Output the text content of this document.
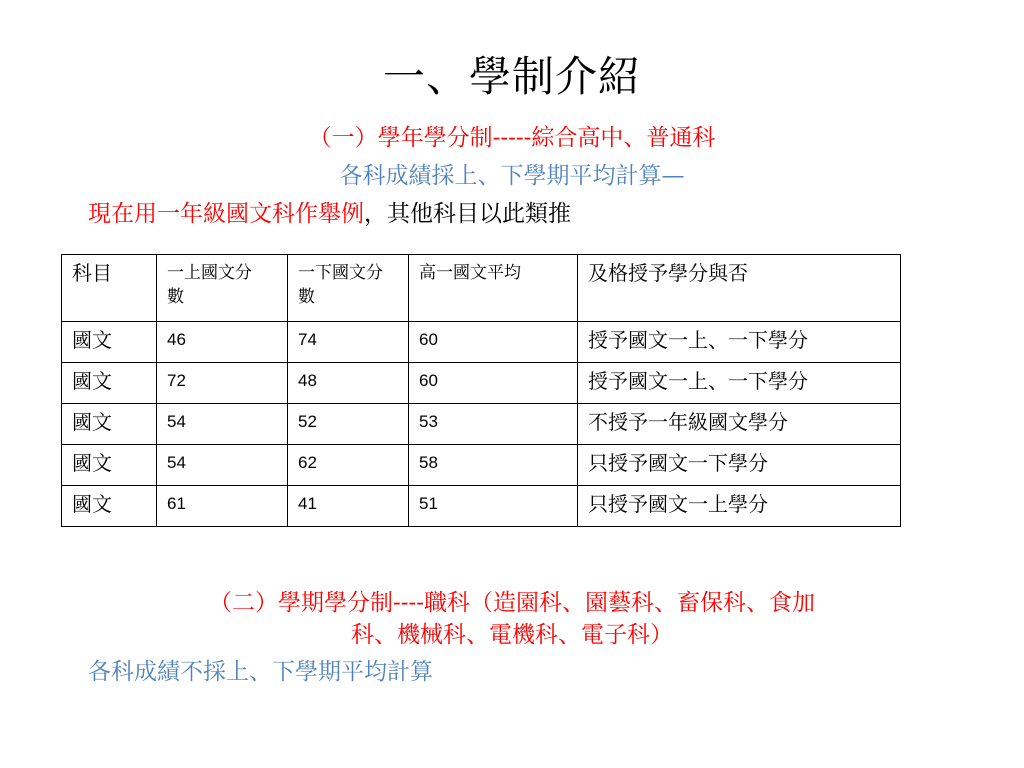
一、學制介紹
（一）學年學分制-----綜合高中、普通科
各科成績採上、下學期平均計算—
現在用一年級國文科作舉例，其他科目以此類推
科目	一上國文分數	一下國文分數	高一國文平均	及格授予學分與否
國文	46	74	60	授予國文一上、一下學分
國文	72	48	60	授予國文一上、一下學分
國文	54	52	53	不授予一年級國文學分
國文	54	62	58	只授予國文一下學分
國文	61	41	51	只授予國文一上學分
（二）學期學分制----職科（造園科、園藝科、畜保科、食加
科、機械科、電機科、電子科）
各科成績不採上、下學期平均計算
